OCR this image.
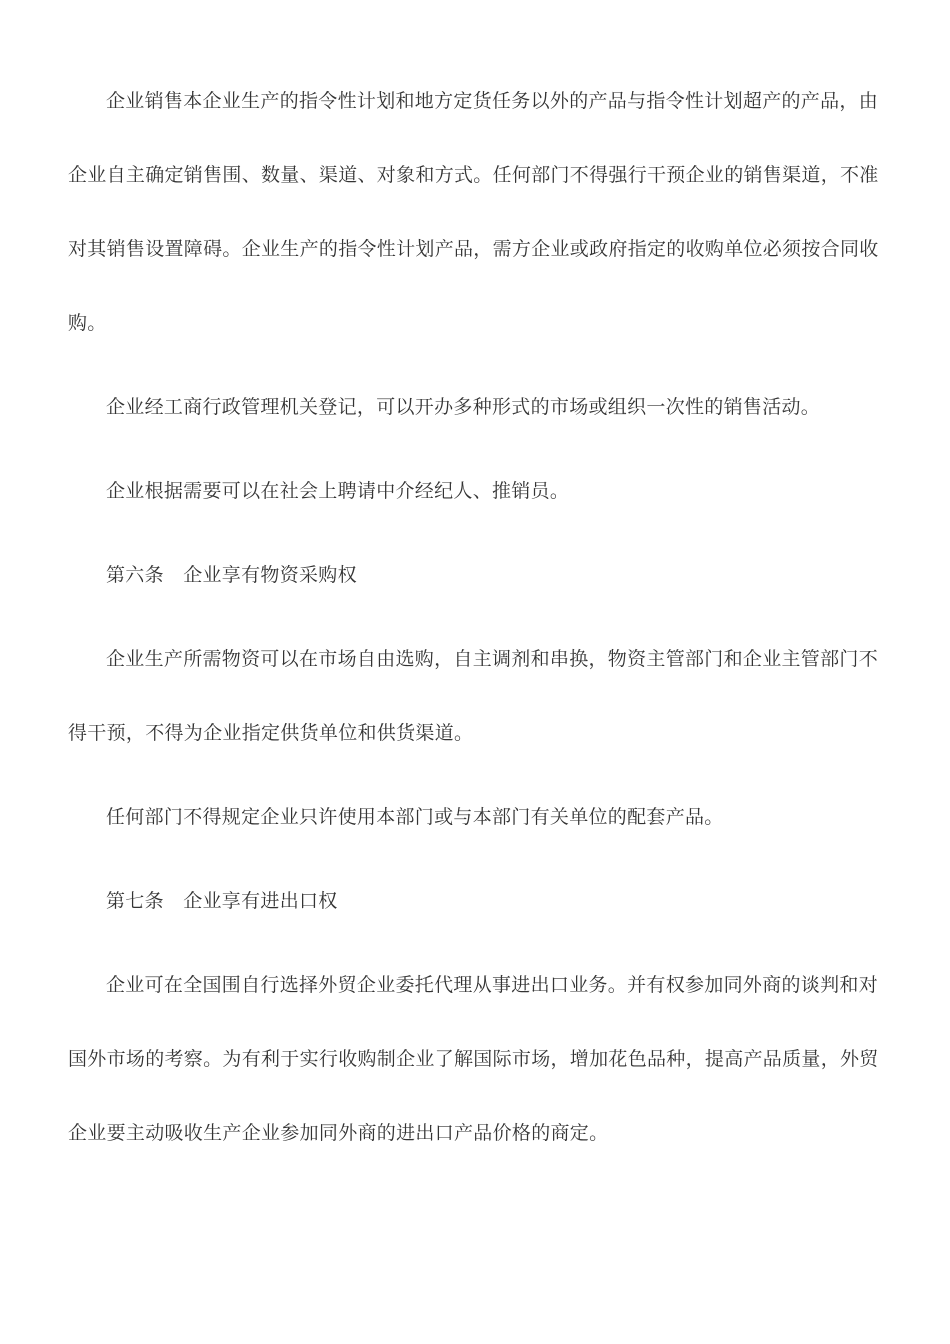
企业销售本企业生产的指令性计划和地方定货任务以外的产品与指令性计划超产的产品，由
企业自主确定销售围、数量、渠道、对象和方式。任何部门不得强行干预企业的销售渠道，不准
对其销售设置障碍。企业生产的指令性计划产品，需方企业或政府指定的收购单位必须按合同收
购。

企业经工商行政管理机关登记，可以开办多种形式的市场或组织一次性的销售活动。

企业根据需要可以在社会上聘请中介经纪人、推销员。

第六条　企业享有物资采购权

企业生产所需物资可以在市场自由选购，自主调剂和串换，物资主管部门和企业主管部门不
得干预，不得为企业指定供货单位和供货渠道。

任何部门不得规定企业只许使用本部门或与本部门有关单位的配套产品。

第七条　企业享有进出口权

企业可在全国围自行选择外贸企业委托代理从事进出口业务。并有权参加同外商的谈判和对
国外市场的考察。为有利于实行收购制企业了解国际市场，增加花色品种，提高产品质量，外贸
企业要主动吸收生产企业参加同外商的进出口产品价格的商定。
